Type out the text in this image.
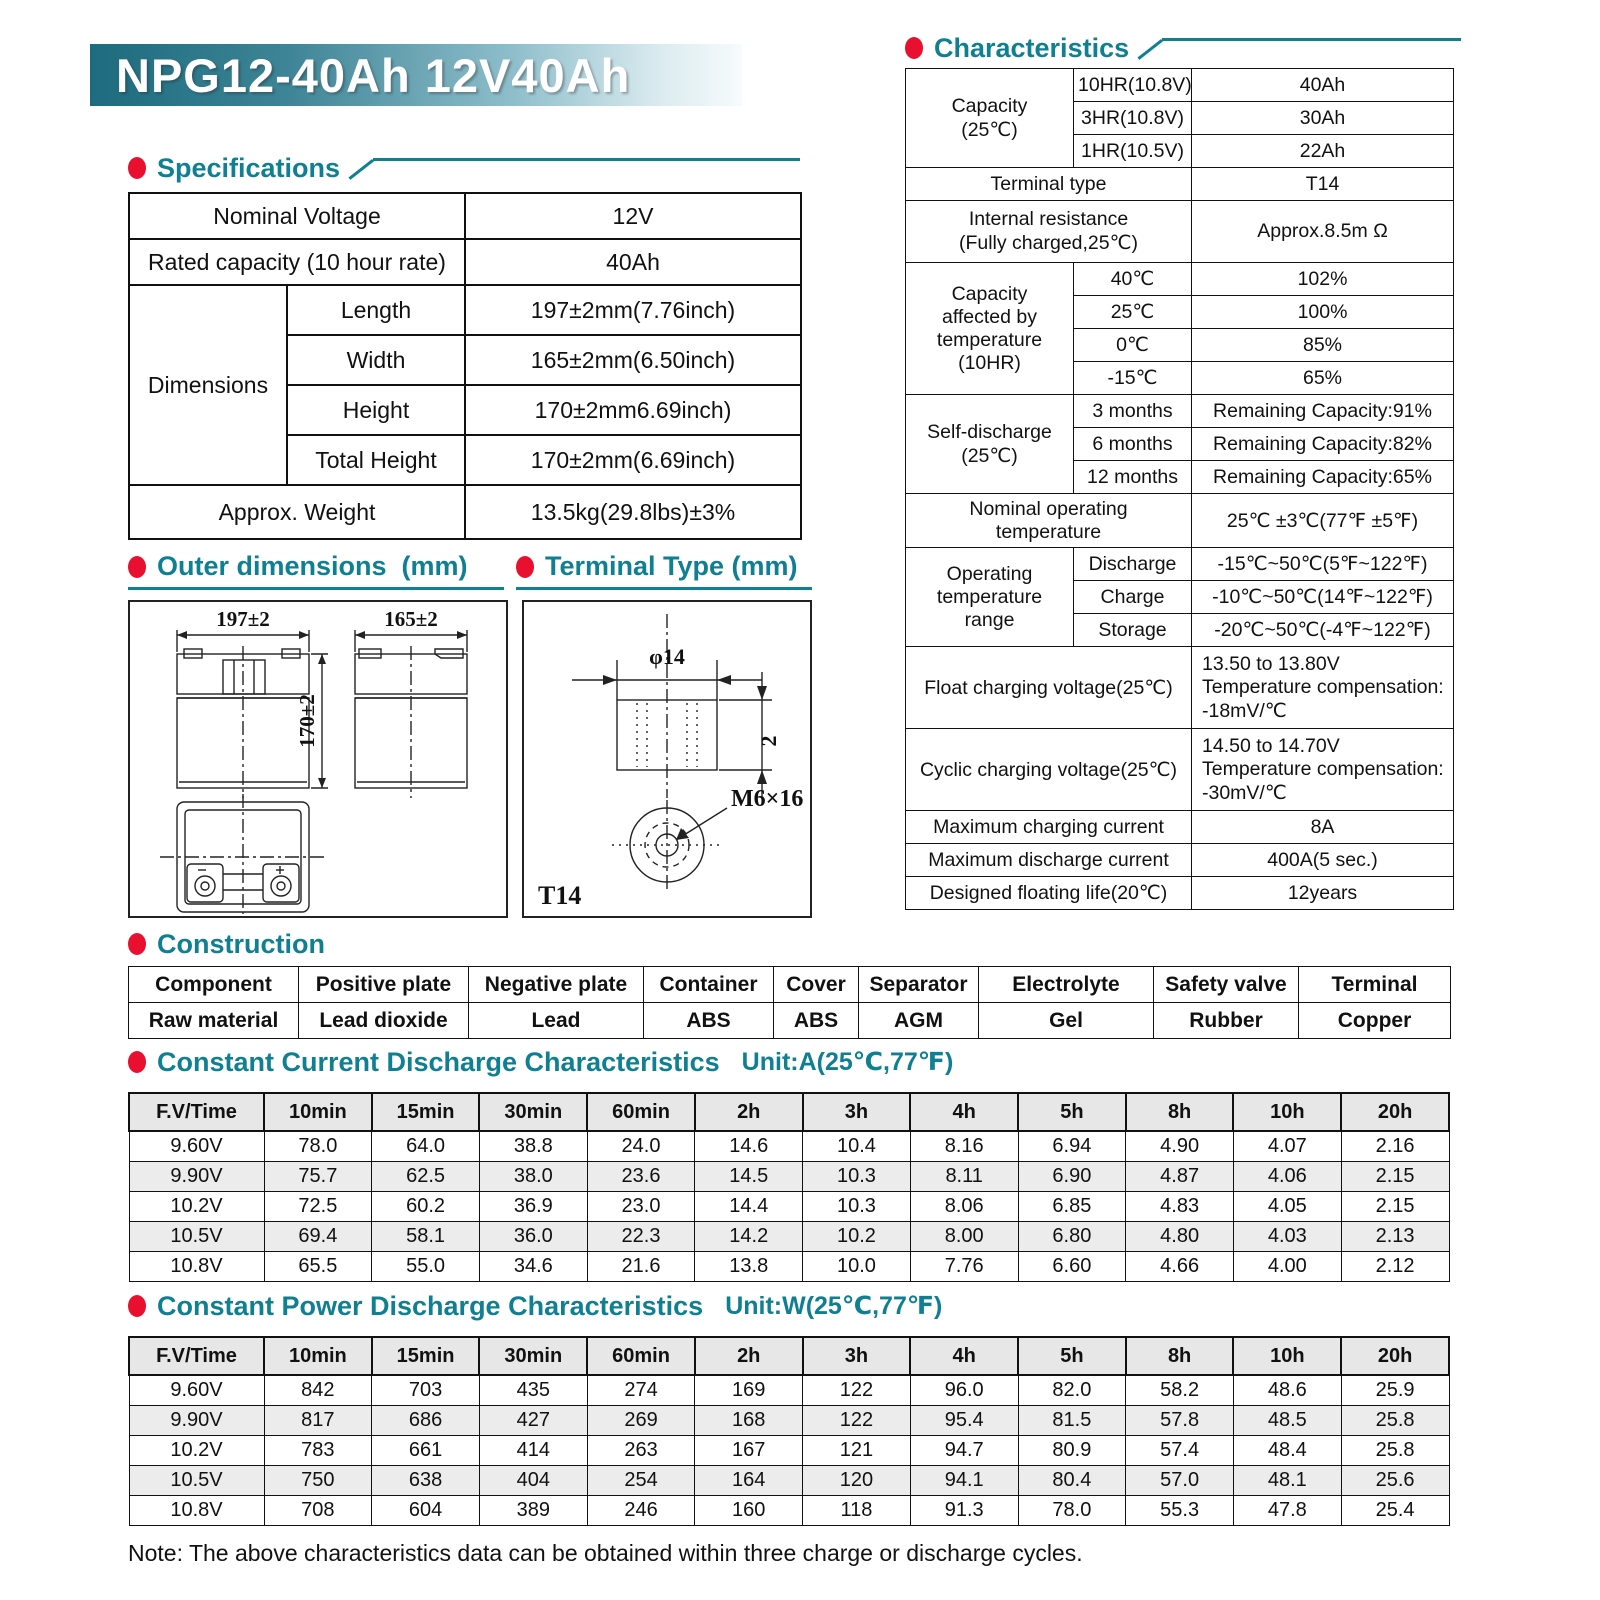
NPG12-40Ah 12V40Ah
Specifications
Nominal Voltage		12V
Rated capacity (10 hour rate)		40Ah
Dimensions	Length	197±2mm(7.76inch)
	Width	165±2mm(6.50inch)
	Height	170±2mm6.69inch)
	Total Height	170±2mm(6.69inch)
Approx. Weight		13.5kg(29.8lbs)±3%
Outer dimensions  (mm)	Terminal Type (mm)
197±2	165±2
170±2
φ14
2
M6×16
T14
Characteristics
Capacity
(25℃)	10HR(10.8V)	40Ah
	3HR(10.8V)	30Ah
	1HR(10.5V)	22Ah
Terminal type		T14
Internal resistance
(Fully charged,25℃)		Approx.8.5m Ω
Capacity
affected by
temperature
(10HR)	40℃	102%
	25℃	100%
	0℃	85%
	-15℃	65%
Self-discharge
(25℃)	3 months	Remaining Capacity:91%
	6 months	Remaining Capacity:82%
	12 months	Remaining Capacity:65%
Nominal operating
temperature		25℃ ±3℃(77℉ ±5℉)
Operating
temperature
range	Discharge	-15℃~50℃(5℉~122℉)
	Charge	-10℃~50℃(14℉~122℉)
	Storage	-20℃~50℃(-4℉~122℉)
Float charging voltage(25℃)		13.50 to 13.80V
Temperature compensation:
-18mV/℃
Cyclic charging voltage(25℃)		14.50 to 14.70V
Temperature compensation:
-30mV/℃
Maximum charging current		8A
Maximum discharge current		400A(5 sec.)
Designed floating life(20℃)		12years
Construction
Component	Positive plate	Negative plate	Container	Cover	Separator	Electrolyte	Safety valve	Terminal
Raw material	Lead dioxide	Lead	ABS	ABS	AGM	Gel	Rubber	Copper
Constant Current Discharge Characteristics Unit:A(25℃,77℉)
F.V/Time	10min	15min	30min	60min	2h	3h	4h	5h	8h	10h	20h
9.60V	78.0	64.0	38.8	24.0	14.6	10.4	8.16	6.94	4.90	4.07	2.16
9.90V	75.7	62.5	38.0	23.6	14.5	10.3	8.11	6.90	4.87	4.06	2.15
10.2V	72.5	60.2	36.9	23.0	14.4	10.3	8.06	6.85	4.83	4.05	2.15
10.5V	69.4	58.1	36.0	22.3	14.2	10.2	8.00	6.80	4.80	4.03	2.13
10.8V	65.5	55.0	34.6	21.6	13.8	10.0	7.76	6.60	4.66	4.00	2.12
Constant Power Discharge Characteristics Unit:W(25℃,77℉)
F.V/Time	10min	15min	30min	60min	2h	3h	4h	5h	8h	10h	20h
9.60V	842	703	435	274	169	122	96.0	82.0	58.2	48.6	25.9
9.90V	817	686	427	269	168	122	95.4	81.5	57.8	48.5	25.8
10.2V	783	661	414	263	167	121	94.7	80.9	57.4	48.4	25.8
10.5V	750	638	404	254	164	120	94.1	80.4	57.0	48.1	25.6
10.8V	708	604	389	246	160	118	91.3	78.0	55.3	47.8	25.4
Note: The above characteristics data can be obtained within three charge or discharge cycles.
